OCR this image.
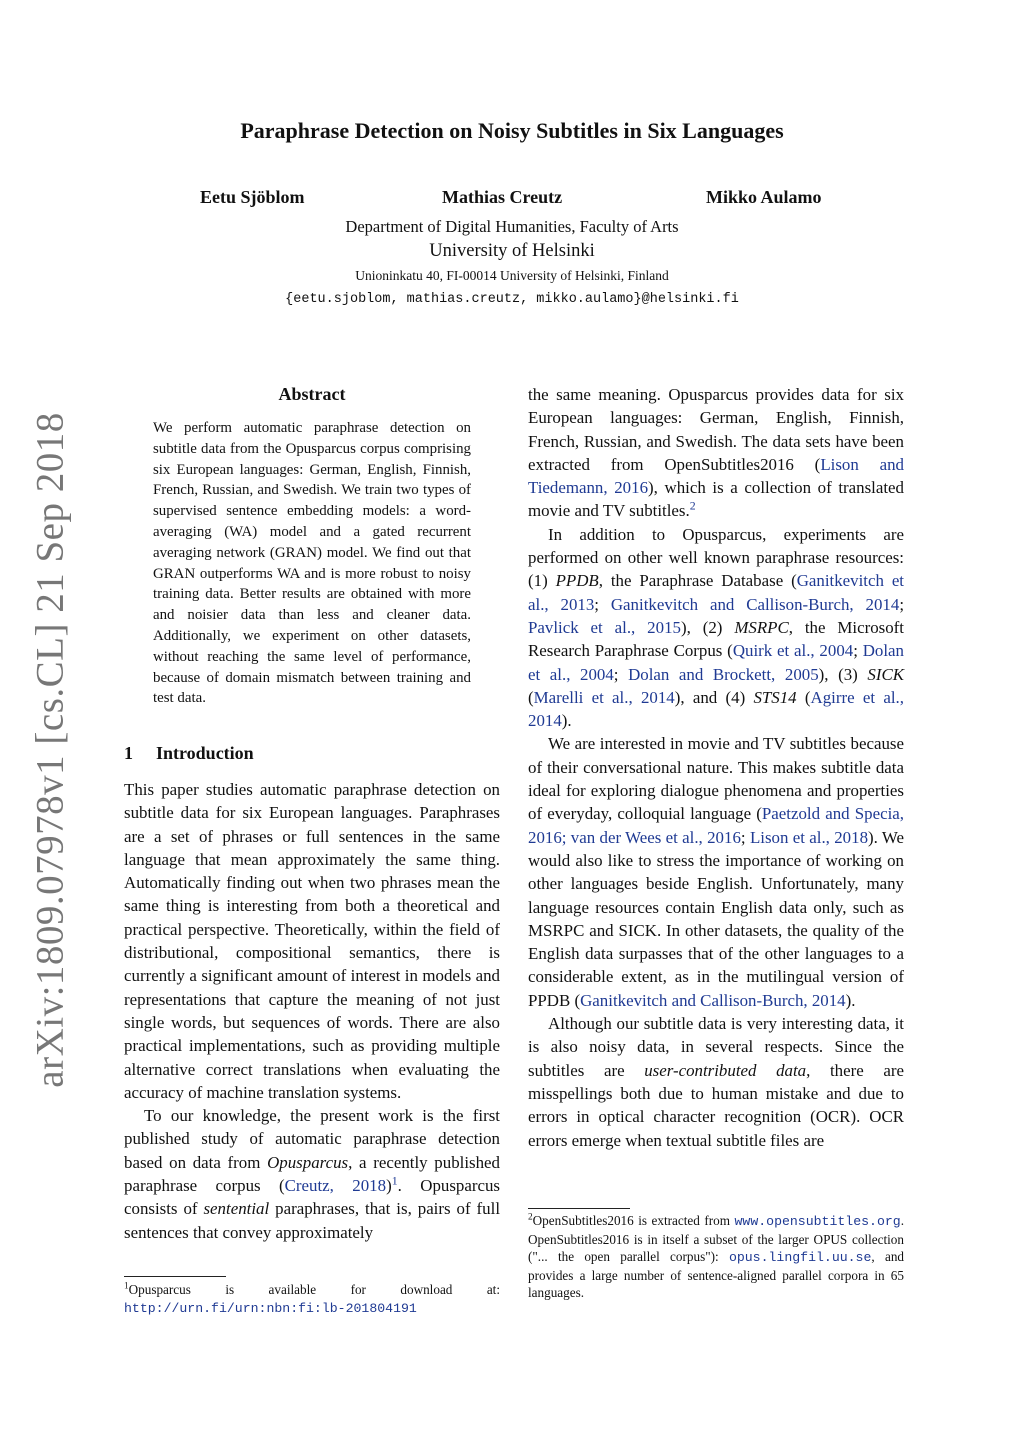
arXiv:1809.07978v1 [cs.CL] 21 Sep 2018
Paraphrase Detection on Noisy Subtitles in Six Languages
Eetu Sjöblom	Mathias Creutz	Mikko Aulamo
Department of Digital Humanities, Faculty of Arts
University of Helsinki
Unioninkatu 40, FI-00014 University of Helsinki, Finland
{eetu.sjoblom, mathias.creutz, mikko.aulamo}@helsinki.fi
Abstract

We perform automatic paraphrase detection on subtitle data from the Opusparcus corpus comprising six European languages: German, English, Finnish, French, Russian, and Swedish. We train two types of supervised sentence embedding models: a word-averaging (WA) model and a gated recurrent averaging network (GRAN) model. We find out that GRAN outperforms WA and is more robust to noisy training data. Better results are obtained with more and noisier data than less and cleaner data. Additionally, we experiment on other datasets, without reaching the same level of performance, because of domain mismatch between training and test data.

1 Introduction

This paper studies automatic paraphrase detection on subtitle data for six European languages. Paraphrases are a set of phrases or full sentences in the same language that mean approximately the same thing. Automatically finding out when two phrases mean the same thing is interesting from both a theoretical and practical perspective. Theoretically, within the field of distributional, compositional semantics, there is currently a significant amount of interest in models and representations that capture the meaning of not just single words, but sequences of words. There are also practical implementations, such as providing multiple alternative correct translations when evaluating the accuracy of machine translation systems.

To our knowledge, the present work is the first published study of automatic paraphrase detection based on data from Opusparcus, a recently published paraphrase corpus (Creutz, 2018)$^1$. Opusparcus consists of sentential paraphrases, that is, pairs of full sentences that convey approximately

$^1$Opusparcus is available for download at: http://urn.fi/urn:nbn:fi:lb-201804191

the same meaning. Opusparcus provides data for six European languages: German, English, Finnish, French, Russian, and Swedish. The data sets have been extracted from OpenSubtitles2016 (Lison and Tiedemann, 2016), which is a collection of translated movie and TV subtitles.$^2$

In addition to Opusparcus, experiments are performed on other well known paraphrase resources: (1) PPDB, the Paraphrase Database (Ganitkevitch et al., 2013; Ganitkevitch and Callison-Burch, 2014; Pavlick et al., 2015), (2) MSRPC, the Microsoft Research Paraphrase Corpus (Quirk et al., 2004; Dolan et al., 2004; Dolan and Brockett, 2005), (3) SICK (Marelli et al., 2014), and (4) STS14 (Agirre et al., 2014).

We are interested in movie and TV subtitles because of their conversational nature. This makes subtitle data ideal for exploring dialogue phenomena and properties of everyday, colloquial language (Paetzold and Specia, 2016; van der Wees et al., 2016; Lison et al., 2018). We would also like to stress the importance of working on other languages beside English. Unfortunately, many language resources contain English data only, such as MSRPC and SICK. In other datasets, the quality of the English data surpasses that of the other languages to a considerable extent, as in the mutilingual version of PPDB (Ganitkevitch and Callison-Burch, 2014).

Although our subtitle data is very interesting data, it is also noisy data, in several respects. Since the subtitles are user-contributed data, there are misspellings both due to human mistake and due to errors in optical character recognition (OCR). OCR errors emerge when textual subtitle files are

$^2$OpenSubtitles2016 is extracted from www.opensubtitles.org. OpenSubtitles2016 is in itself a subset of the larger OPUS collection ("... the open parallel corpus"): opus.lingfil.uu.se, and provides a large number of sentence-aligned parallel corpora in 65 languages.
